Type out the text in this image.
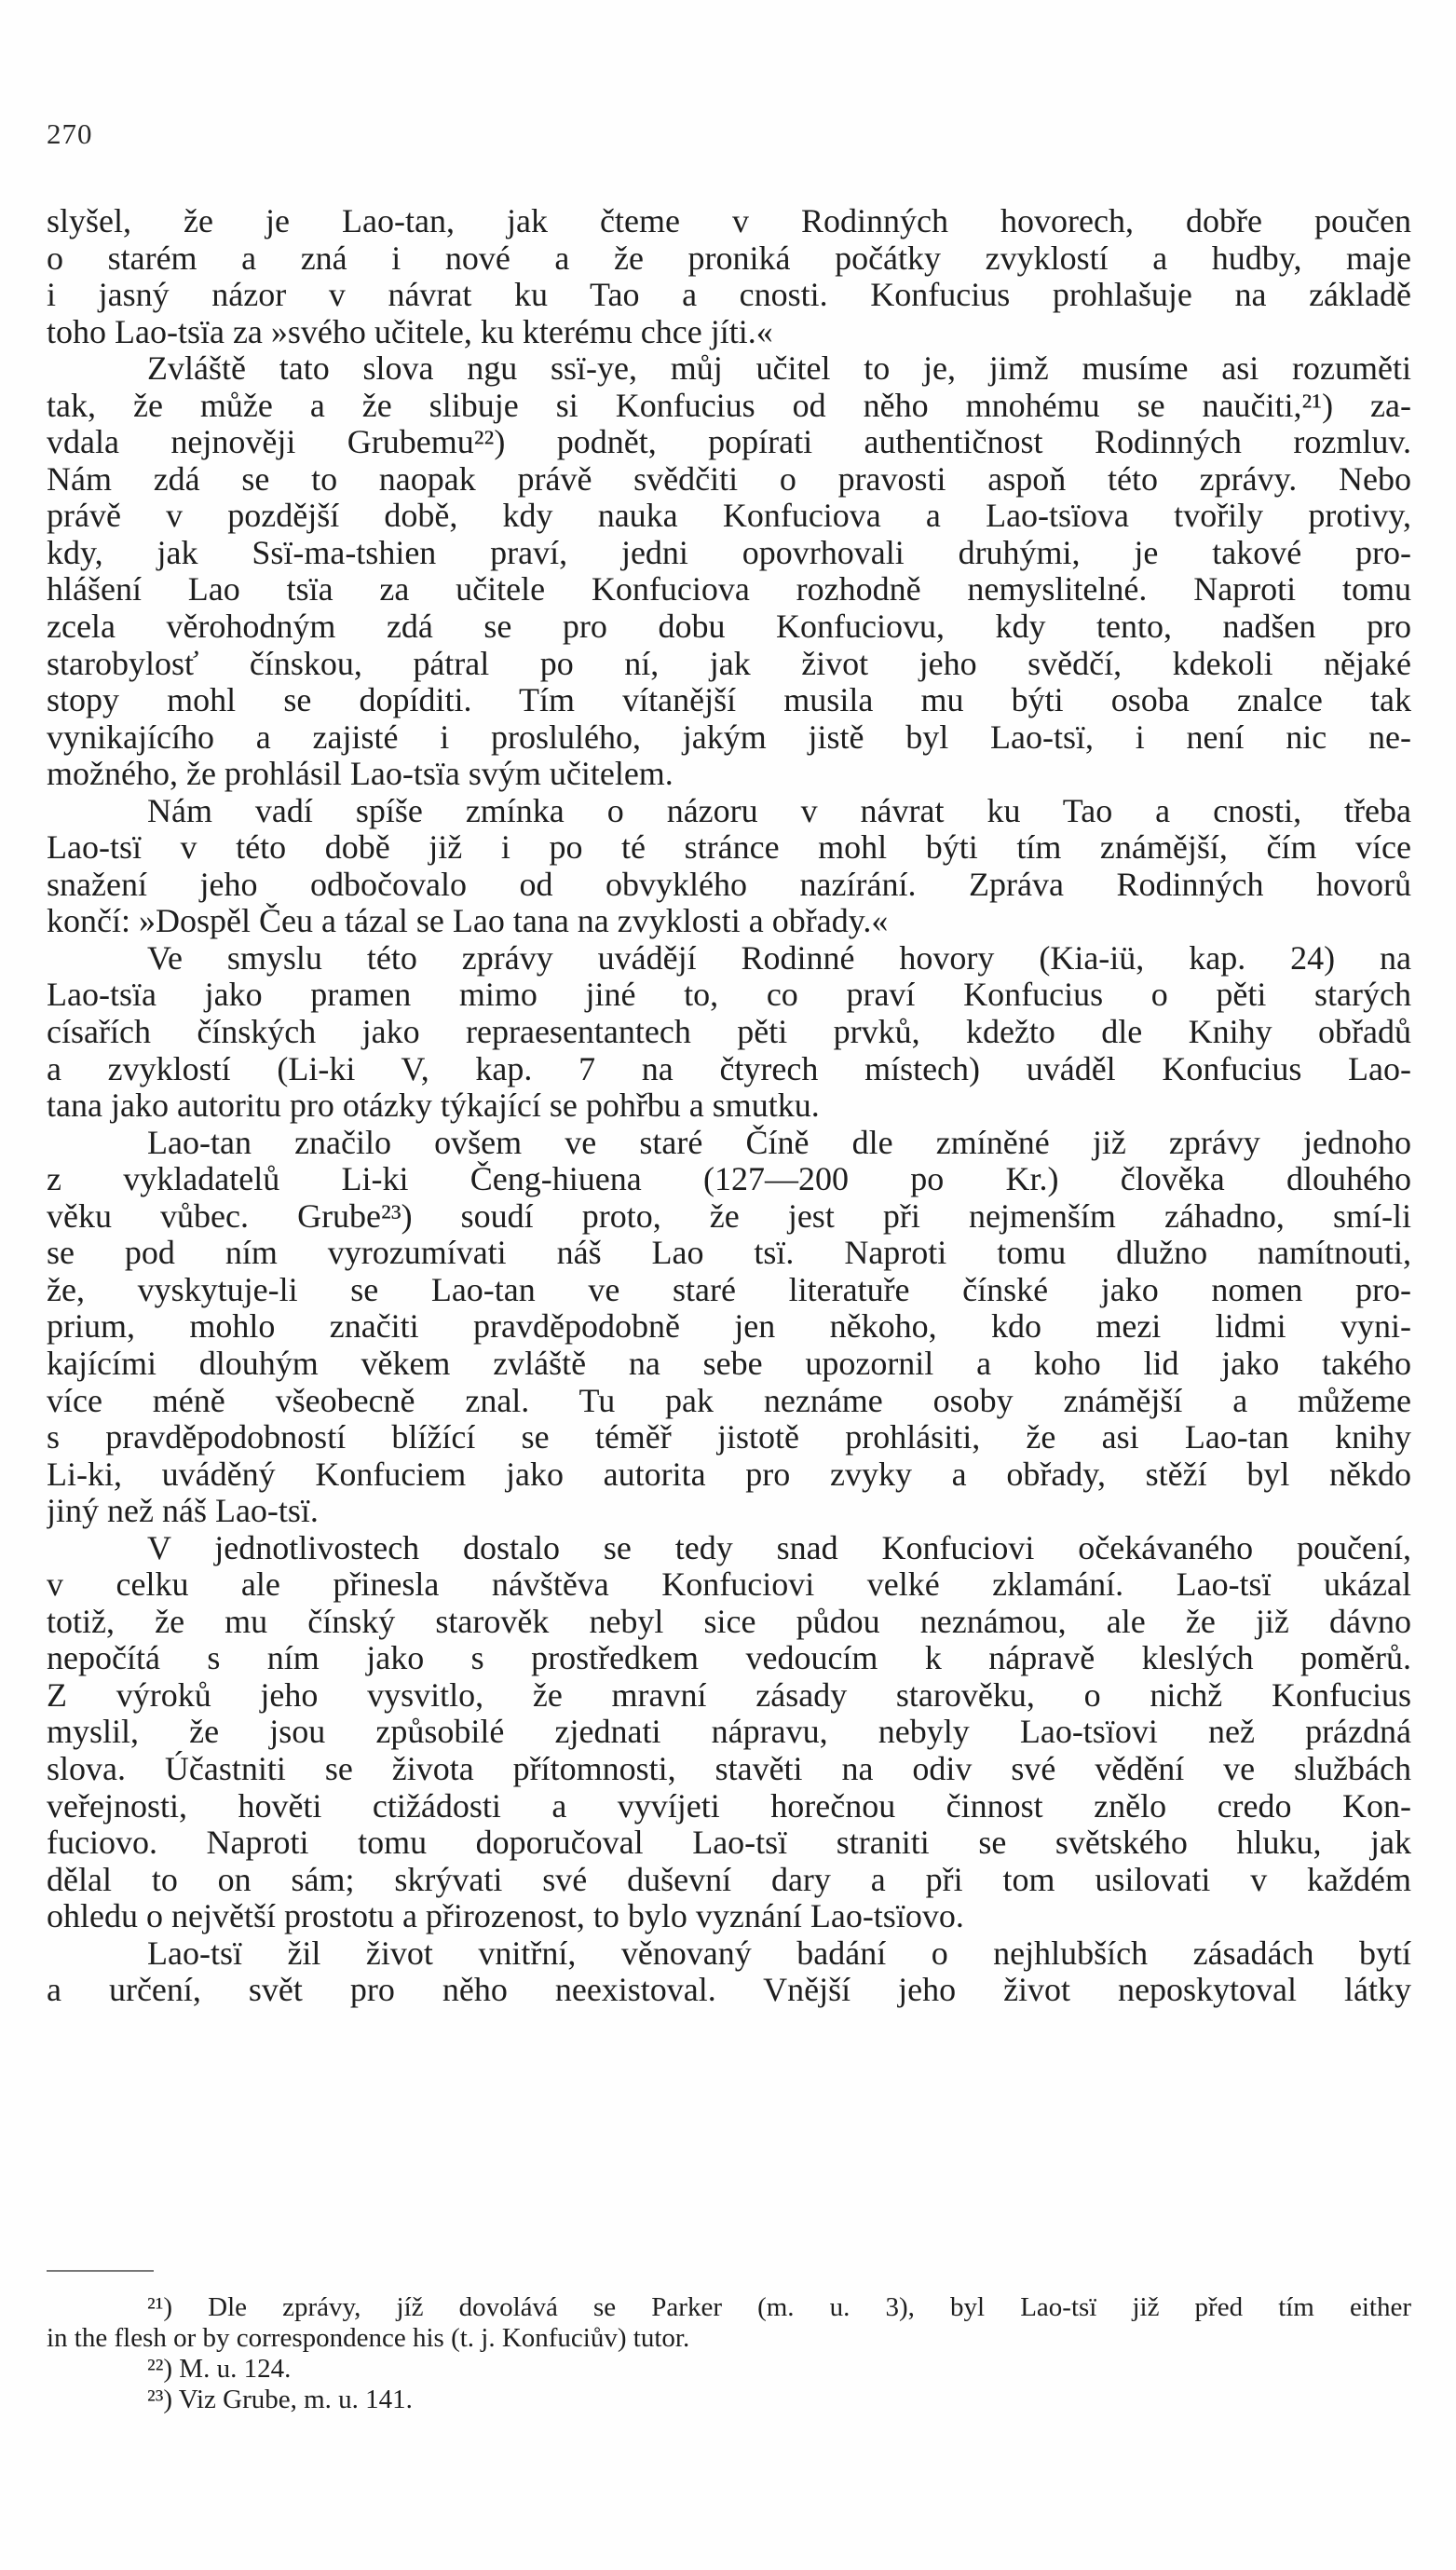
270
slyšel, že je Lao-tan, jak čteme v Rodinných hovorech, dobře poučen
o starém a zná i nové a že proniká počátky zvyklostí a hudby, maje
i jasný názor v návrat ku Tao a cnosti. Konfucius prohlašuje na základě
toho Lao-tsïa za »svého učitele, ku kterému chce jíti.«
Zvláště tato slova ngu ssï-ye, můj učitel to je, jimž musíme asi rozuměti
tak, že může a že slibuje si Konfucius od něho mnohému se naučiti,²¹) za-
vdala nejnověji Grubemu²²) podnět, popírati authentičnost Rodinných rozmluv.
Nám zdá se to naopak právě svědčiti o pravosti aspoň této zprávy. Nebo
právě v pozdější době, kdy nauka Konfuciova a Lao-tsïova tvořily protivy,
kdy, jak Ssï-ma-tshien praví, jedni opovrhovali druhými, je takové pro-
hlášení Lao tsïa za učitele Konfuciova rozhodně nemyslitelné. Naproti tomu
zcela věrohodným zdá se pro dobu Konfuciovu, kdy tento, nadšen pro
starobylosť čínskou, pátral po ní, jak život jeho svědčí, kdekoli nějaké
stopy mohl se dopíditi. Tím vítanější musila mu býti osoba znalce tak
vynikajícího a zajisté i proslulého, jakým jistě byl Lao-tsï, i není nic ne-
možného, že prohlásil Lao-tsïa svým učitelem.
Nám vadí spíše zmínka o názoru v návrat ku Tao a cnosti, třeba
Lao-tsï v této době již i po té stránce mohl býti tím známější, čím více
snažení jeho odbočovalo od obvyklého nazírání. Zpráva Rodinných hovorů
končí: »Dospěl Čeu a tázal se Lao tana na zvyklosti a obřady.«
Ve smyslu této zprávy uvádějí Rodinné hovory (Kia-iü, kap. 24) na
Lao-tsïa jako pramen mimo jiné to, co praví Konfucius o pěti starých
císařích čínských jako repraesentantech pěti prvků, kdežto dle Knihy obřadů
a zvyklostí (Li-ki V, kap. 7 na čtyrech místech) uváděl Konfucius Lao-
tana jako autoritu pro otázky týkající se pohřbu a smutku.
Lao-tan značilo ovšem ve staré Číně dle zmíněné již zprávy jednoho
z vykladatelů Li-ki Čeng-hiuena (127—200 po Kr.) člověka dlouhého
věku vůbec. Grube²³) soudí proto, že jest při nejmenším záhadno, smí-li
se pod ním vyrozumívati náš Lao tsï. Naproti tomu dlužno namítnouti,
že, vyskytuje-li se Lao-tan ve staré literatuře čínské jako nomen pro-
prium, mohlo značiti pravděpodobně jen někoho, kdo mezi lidmi vyni-
kajícími dlouhým věkem zvláště na sebe upozornil a koho lid jako takého
více méně všeobecně znal. Tu pak neznáme osoby známější a můžeme
s pravděpodobností blížící se téměř jistotě prohlásiti, že asi Lao-tan knihy
Li-ki, uváděný Konfuciem jako autorita pro zvyky a obřady, stěží byl někdo
jiný než náš Lao-tsï.
V jednotlivostech dostalo se tedy snad Konfuciovi očekávaného poučení,
v celku ale přinesla návštěva Konfuciovi velké zklamání. Lao-tsï ukázal
totiž, že mu čínský starověk nebyl sice půdou neznámou, ale že již dávno
nepočítá s ním jako s prostředkem vedoucím k nápravě kleslých poměrů.
Z výroků jeho vysvitlo, že mravní zásady starověku, o nichž Konfucius
myslil, že jsou způsobilé zjednati nápravu, nebyly Lao-tsïovi než prázdná
slova. Účastniti se života přítomnosti, stavěti na odiv své vědění ve službách
veřejnosti, hověti ctižádosti a vyvíjeti horečnou činnost znělo credo Kon-
fuciovo. Naproti tomu doporučoval Lao-tsï straniti se světského hluku, jak
dělal to on sám; skrývati své duševní dary a při tom usilovati v každém
ohledu o největší prostotu a přirozenost, to bylo vyznání Lao-tsïovo.
Lao-tsï žil život vnitřní, věnovaný badání o nejhlubších zásadách bytí
a určení, svět pro něho neexistoval. Vnější jeho život neposkytoval látky
²¹) Dle zprávy, jíž dovolává se Parker (m. u. 3), byl Lao-tsï již před tím either
in the flesh or by correspondence his (t. j. Konfuciův) tutor.
²²) M. u. 124.
²³) Viz Grube, m. u. 141.
